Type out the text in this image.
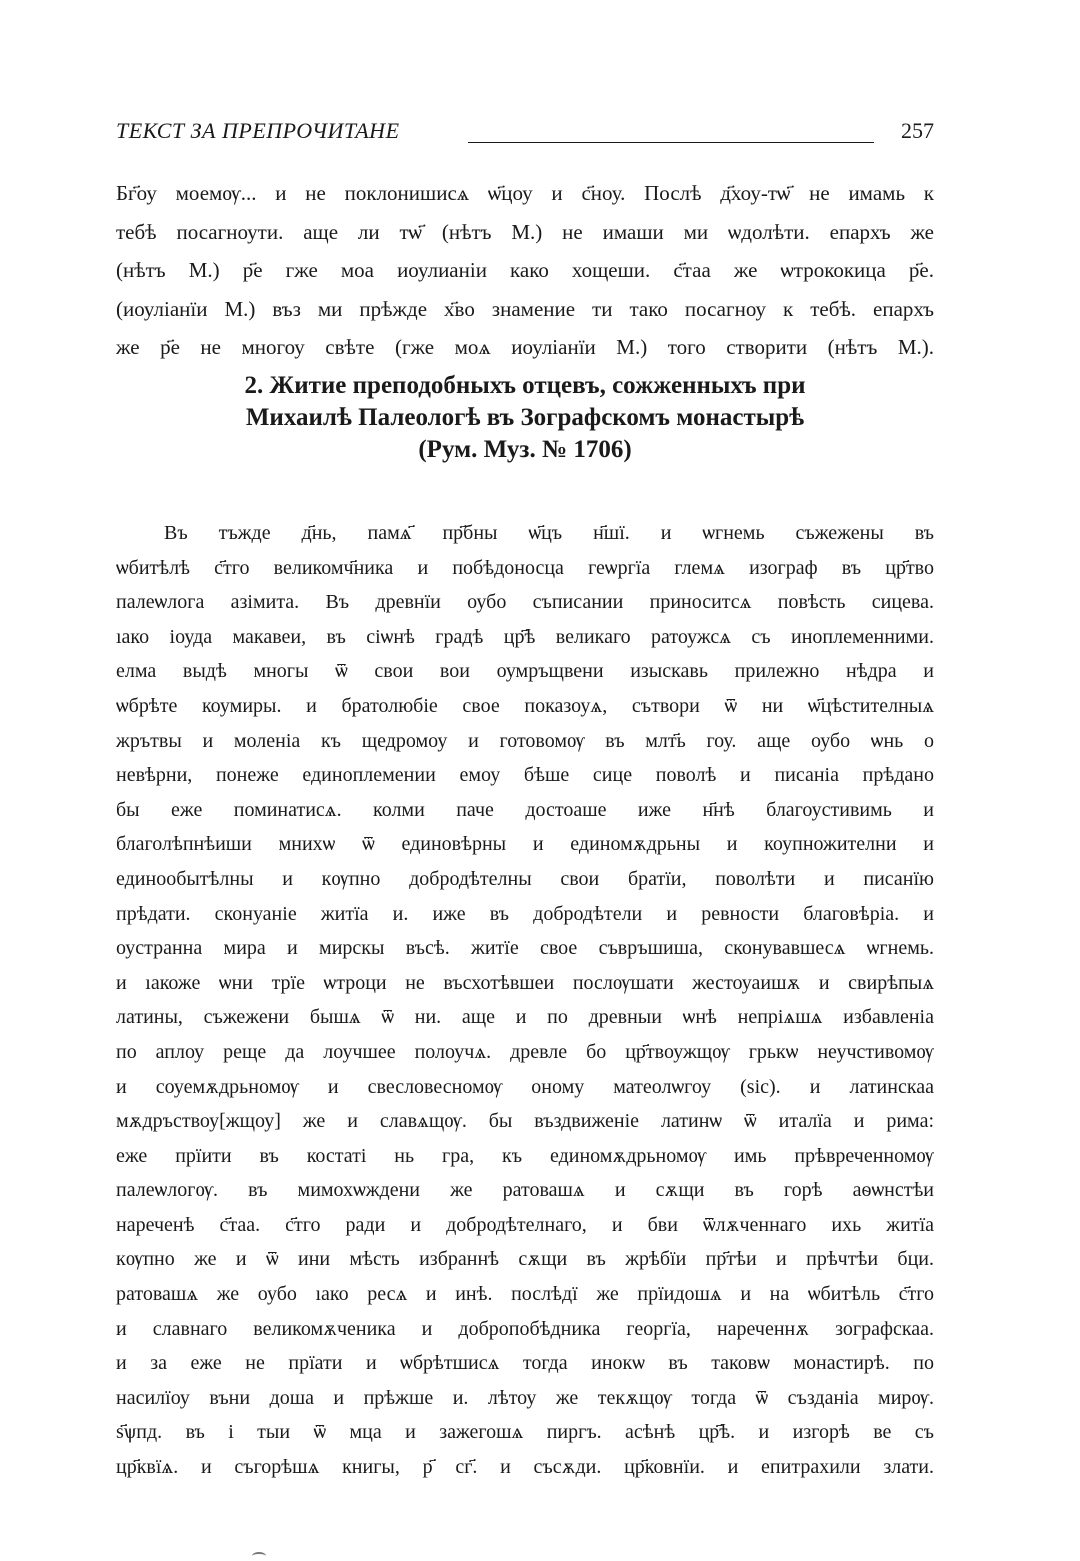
ТЕКСТ ЗА ПРЕПРОЧИТАНЕ	257
Бг҃оу моемѹ... и не поклонишисѧ ѡ҃цоу и с҃ноу. Послѣ д҃хоу-тѡ҃ не имамь к
тебѣ посагноути. аще ли тѡ҃ (нѣтъ М.) не имаши ми ѡдолѣти. епархъ же
(нѣтъ М.) р҃е гже моа иоулианіи како хощеши. с҃таа же ѡтрококица р҃е.
(иоуліанїи М.) въз ми прѣжде х҃во знамение ти тако посагноу к тебѣ. епархъ
же р҃е не многоу свѣте (гже моѧ иоуліанїи М.) того створити (нѣтъ М.).
2. Житие преподобныхъ отцевъ, сожженныхъ при
Михаилѣ Палеологѣ въ Зографскомъ монастырѣ
(Рум. Муз. № 1706)
Въ тъжде д҃нь, памѧ҃ пр҃бны ѡ҃цъ н҃шї. и ѡгнемь съжежены въ
ѡбитѣлѣ с҃тго великомч҃ника и побѣдоносца геѡргїа глемѧ изограф въ цр҃тво
палеѡлога азімита. Въ древнїи оубо съписании приноситсѧ повѣсть сицева.
ıако іоуда макавеи, въ сіѡнѣ градѣ цр҃ѣ великаго ратоужсѧ съ иноплеменними.
елма выдѣ многы ѿ свои вои оумръщвени изыскавь прилежно нѣдра и
ѡбрѣте коумиры. и братолюбіе свое показоуѧ, сътвори ѿ ни ѡ҃цѣстителныѧ
жрътвы и моленіа къ щедромоу и готовомѹ въ млт҃ь гоу. аще оубо ѡнь о
невѣрни, понеже единоплемении емоу бѣше сице поволѣ и писаніа прѣдано
бы еже поминатисѧ. колми паче достоаше иже н҃нѣ благоустивимь и
благолѣпнѣиши мнихѡ ѿ единовѣрны и единомѫдрьны и коупножителни и
единообытѣлны и кѹпно добродѣтелны свои братїи, поволѣти и писанїю
прѣдати. сконуаніе житїа и. иже въ добродѣтели и ревности благовѣріа. и
оустранна мира и мирскы въсѣ. житїе свое съвръшиша, сконувавшесѧ ѡгнемь.
и ıакоже ѡни трїе ѡтроци не въсхотѣвшеи послѹшати жестоуаишѫ и свирѣпыѧ
латины, съжежени бышѧ ѿ ни. аще и по древныи ѡнѣ непріѧшѧ избавленіа
по аплоу реще да лоучшее полоучѧ. древле бо цр҃твоужщѹ грькѡ неучстивомѹ
и соуемѫдрьномѹ и свесловесномѹ оному матеолѡгоу (sic). и латинскаа
мѫдръствоу[жщоу] же и славѧщѹ. бы въздвиженіе латинѡ ѿ италїа и рима:
еже прїити въ костаті нь гра, къ единомѫдрьномѹ имь прѣвреченномѹ
палеѡлогѹ. въ мимохѡждени же ратовашѧ и сѫщи въ горѣ аѳѡнстѣи
нареченѣ с҃таа. с҃тго ради и добродѣтелнаго, и бви ѿлѫченнаго ихь житїа
кѹпно же и ѿ ини мѣсть избраннѣ сѫщи въ жрѣбїи пр҃тѣи и прѣчтѣи бци.
ратовашѧ же оубо ıако ресѧ и инѣ. послѣдї же прїидошѧ и на ѡбитѣль с҃тго
и славнаго великомѫченика и добропобѣдника георгїа, нареченнѫ зографскаа.
и за еже не прїати и ѡбрѣтшисѧ тогда инокѡ въ таковѡ монастирѣ. по
насилїоу въни доша и прѣжше и. лѣтоу же текѫщѹ тогда ѿ създаніа мирѹ.
ѕ҃ѱпд. въ і тыи ѿ мца и зажегошѧ пиргъ. асѣнѣ цр҃ѣ. и изгорѣ ве съ
цр҃квїѧ. и съгорѣшѧ книгы, р҃ сг҃. и съсѫди. цр҃ковнїи. и епитрахили злати.
